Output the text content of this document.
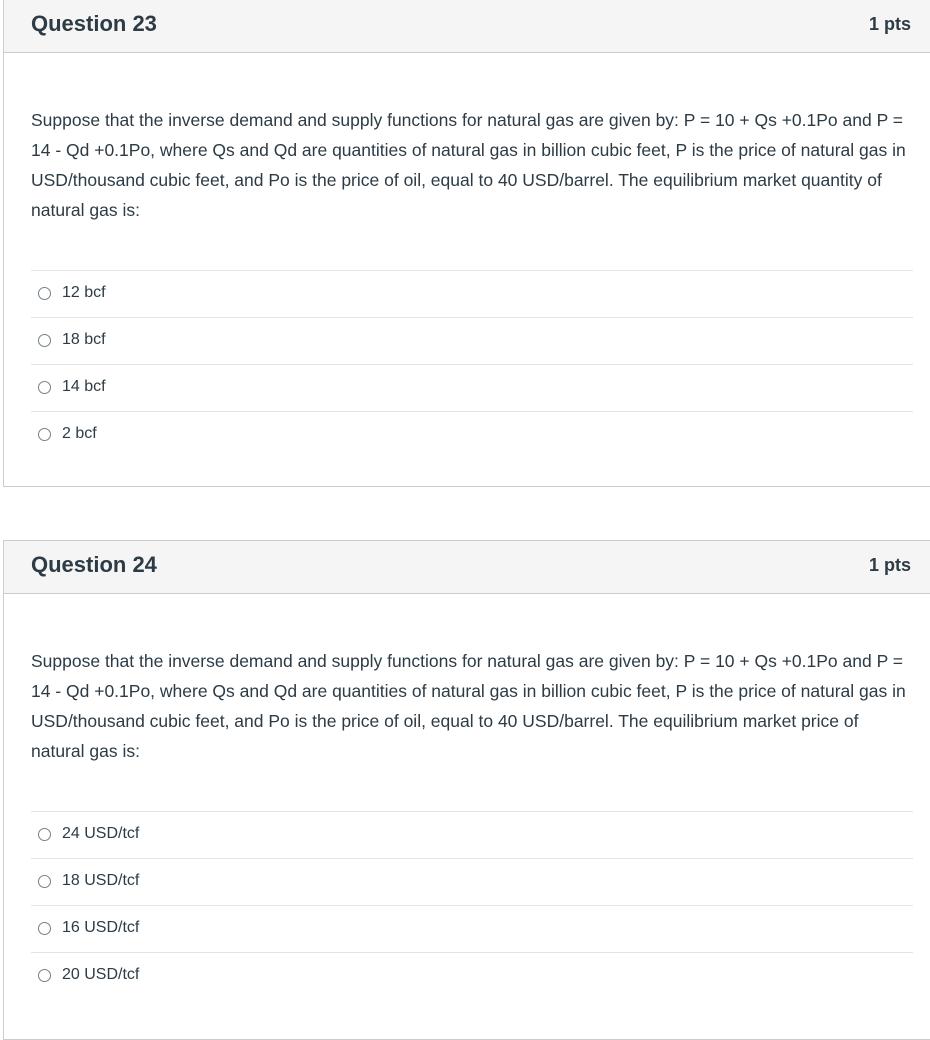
Question 23	1 pts
Suppose that the inverse demand and supply functions for natural gas are given by: P = 10 + Qs +0.1Po and P = 14 - Qd +0.1Po, where Qs and Qd are quantities of natural gas in billion cubic feet, P is the price of natural gas in USD/thousand cubic feet, and Po is the price of oil, equal to 40 USD/barrel. The equilibrium market quantity of natural gas is:
12 bcf
18 bcf
14 bcf
2 bcf
Question 24	1 pts
Suppose that the inverse demand and supply functions for natural gas are given by: P = 10 + Qs +0.1Po and P = 14 - Qd +0.1Po, where Qs and Qd are quantities of natural gas in billion cubic feet, P is the price of natural gas in USD/thousand cubic feet, and Po is the price of oil, equal to 40 USD/barrel. The equilibrium market price of natural gas is:
24 USD/tcf
18 USD/tcf
16 USD/tcf
20 USD/tcf
